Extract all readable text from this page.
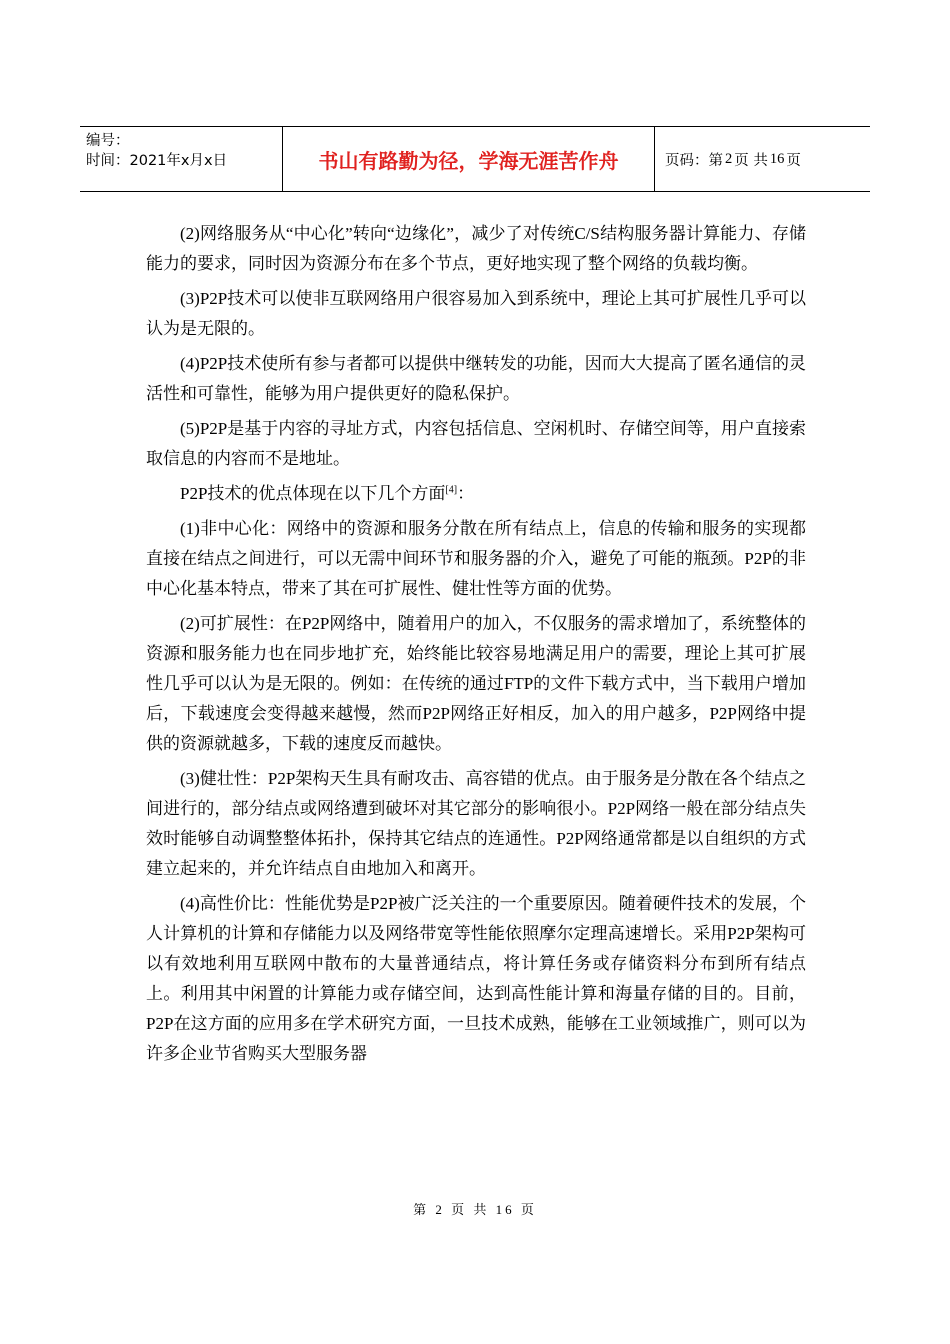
编号：
时间：2021年x月x日	书山有路勤为径，学海无涯苦作舟	页码：第 2 页 共 16 页

(2)网络服务从“中心化”转向“边缘化”，减少了对传统C/S结构服务器计算能力、存储能力的要求，同时因为资源分布在多个节点，更好地实现了整个网络的负载均衡。

(3)P2P技术可以使非互联网络用户很容易加入到系统中，理论上其可扩展性几乎可以认为是无限的。

(4)P2P技术使所有参与者都可以提供中继转发的功能，因而大大提高了匿名通信的灵活性和可靠性，能够为用户提供更好的隐私保护。

(5)P2P是基于内容的寻址方式，内容包括信息、空闲机时、存储空间等，用户直接索取信息的内容而不是地址。

P2P技术的优点体现在以下几个方面[4]：

(1)非中心化：网络中的资源和服务分散在所有结点上，信息的传输和服务的实现都直接在结点之间进行，可以无需中间环节和服务器的介入，避免了可能的瓶颈。P2P的非中心化基本特点，带来了其在可扩展性、健壮性等方面的优势。

(2)可扩展性：在P2P网络中，随着用户的加入，不仅服务的需求增加了，系统整体的资源和服务能力也在同步地扩充，始终能比较容易地满足用户的需要，理论上其可扩展性几乎可以认为是无限的。例如：在传统的通过FTP的文件下载方式中，当下载用户增加后，下载速度会变得越来越慢，然而P2P网络正好相反，加入的用户越多，P2P网络中提供的资源就越多，下载的速度反而越快。

(3)健壮性：P2P架构天生具有耐攻击、高容错的优点。由于服务是分散在各个结点之间进行的，部分结点或网络遭到破坏对其它部分的影响很小。P2P网络一般在部分结点失效时能够自动调整整体拓扑，保持其它结点的连通性。P2P网络通常都是以自组织的方式建立起来的，并允许结点自由地加入和离开。

(4)高性价比：性能优势是P2P被广泛关注的一个重要原因。随着硬件技术的发展，个人计算机的计算和存储能力以及网络带宽等性能依照摩尔定理高速增长。采用P2P架构可以有效地利用互联网中散布的大量普通结点，将计算任务或存储资料分布到所有结点上。利用其中闲置的计算能力或存储空间，达到高性能计算和海量存储的目的。目前，P2P在这方面的应用多在学术研究方面，一旦技术成熟，能够在工业领域推广，则可以为许多企业节省购买大型服务器

第 2 页 共 16 页
